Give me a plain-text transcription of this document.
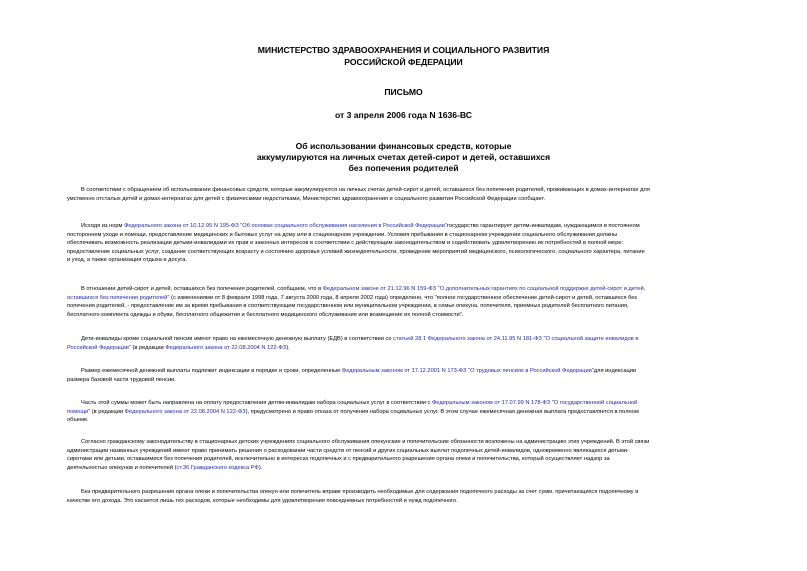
МИНИСТЕРСТВО ЗДРАВООХРАНЕНИЯ И СОЦИАЛЬНОГО РАЗВИТИЯ
РОССИЙСКОЙ ФЕДЕРАЦИИ
ПИСЬМО
от 3 апреля 2006 года N 1636-ВС
Об использовании финансовых средств, которые
аккумулируются на личных счетах детей-сирот и детей, оставшихся
без попечения родителей
В соответствии с обращением об использовании финансовых средств, которые аккумулируются на личных счетах детей-сирот и детей, оставшихся без попечения родителей, проживающих в домах-интернатах для
умственно отсталых детей и домах-интернатах для детей с физическими недостатками, Министерство здравоохранения и социального развития Российской Федерации сообщает.
Исходя из норм Федерального закона от 10.12.95 N 195-ФЗ "Об основах социального обслуживания населения в Российской Федерации"государство гарантирует детям-инвалидам, нуждающимся в постоянном
постороннем уходе и помощи, предоставление медицинских и бытовых услуг на дому или в стационарном учреждении. Условия пребывания в стационарном учреждении социального обслуживания должны
обеспечивать возможность реализации детьми-инвалидами их прав и законных интересов в соответствии с действующим законодательством и содействовать удовлетворению их потребностей в полной мере:
предоставление социальных услуг, создание соответствующих возрасту и состоянию здоровья условий жизнедеятельности, проведение мероприятий медицинского, психологического, социального характера, питание
и уход, а также организация отдыха и досуга.
В отношении детей-сирот и детей, оставшихся без попечения родителей, сообщаем, что в Федеральном законе от 21.12.96 N 159-ФЗ "О дополнительных гарантиях по социальной поддержке детей-сирот и детей,
оставшихся без попечения родителей" (с изменениями от 8 февраля 1998 года, 7 августа 2000 года, 8 апреля 2002 года) определено, что "полное государственное обеспечение детей-сирот и детей, оставшихся без
попечения родителей, - предоставление им за время пребывания в соответствующем государственном или муниципальном учреждении, в семье опекуна, попечителя, приемных родителей бесплатного питания,
бесплатного комплекта одежды и обуви, бесплатного общежития и бесплатного медицинского обслуживания или возмещение их полной стоимости".
Дети-инвалиды кроме социальной пенсии имеют право на ежемесячную денежную выплату (ЕДВ) в соответствии со статьей 28.1 Федерального закона от 24.11.95 N 181-ФЗ "О социальной защите инвалидов в
Российской Федерации" (в редакции Федерального закона от 22.08.2004 N 122-ФЗ).
Размер ежемесячной денежной выплаты подлежит индексации в порядке и сроки, определенные Федеральным законом от 17.12.2001 N 173-ФЗ "О трудовых пенсиях в Российской Федерации"для индексации
размера базовой части трудовой пенсии.
Часть этой суммы может быть направлена на оплату предоставления детям-инвалидам набора социальных услуг в соответствии с Федеральным законом от 17.07.99 N 178-ФЗ "О государственной социальной
помощи" (в редакции Федерального закона от 22.08.2004 N 122-ФЗ), предусмотрено и право отказа от получения набора социальных услуг. В этом случае ежемесячная денежная выплата предоставляется в полном
объеме.
Согласно гражданскому законодательству в стационарных детских учреждениях социального обслуживания опекунские и попечительские обязанности возложены на администрацию этих учреждений. В этой связи
администрации названных учреждений имеют право принимать решения о расходовании части средств от пенсий и других социальных выплат подопечных детей-инвалидов, одновременно являющихся детьми-
сиротами или детьми, оставшимися без попечения родителей, исключительно в интересах подопечных и с предварительного разрешения органа опеки и попечительства, который осуществляет надзор за
деятельностью опекунов и попечителей (ст.36 Гражданского кодекса РФ).
Без предварительного разрешения органа опеки и попечительства опекун или попечитель вправе производить необходимые для содержания подопечного расходы за счет сумм, причитающихся подопечному в
качестве его дохода. Это касается лишь тех расходов, которые необходимы для удовлетворения повседневных потребностей и нужд подопечного.
